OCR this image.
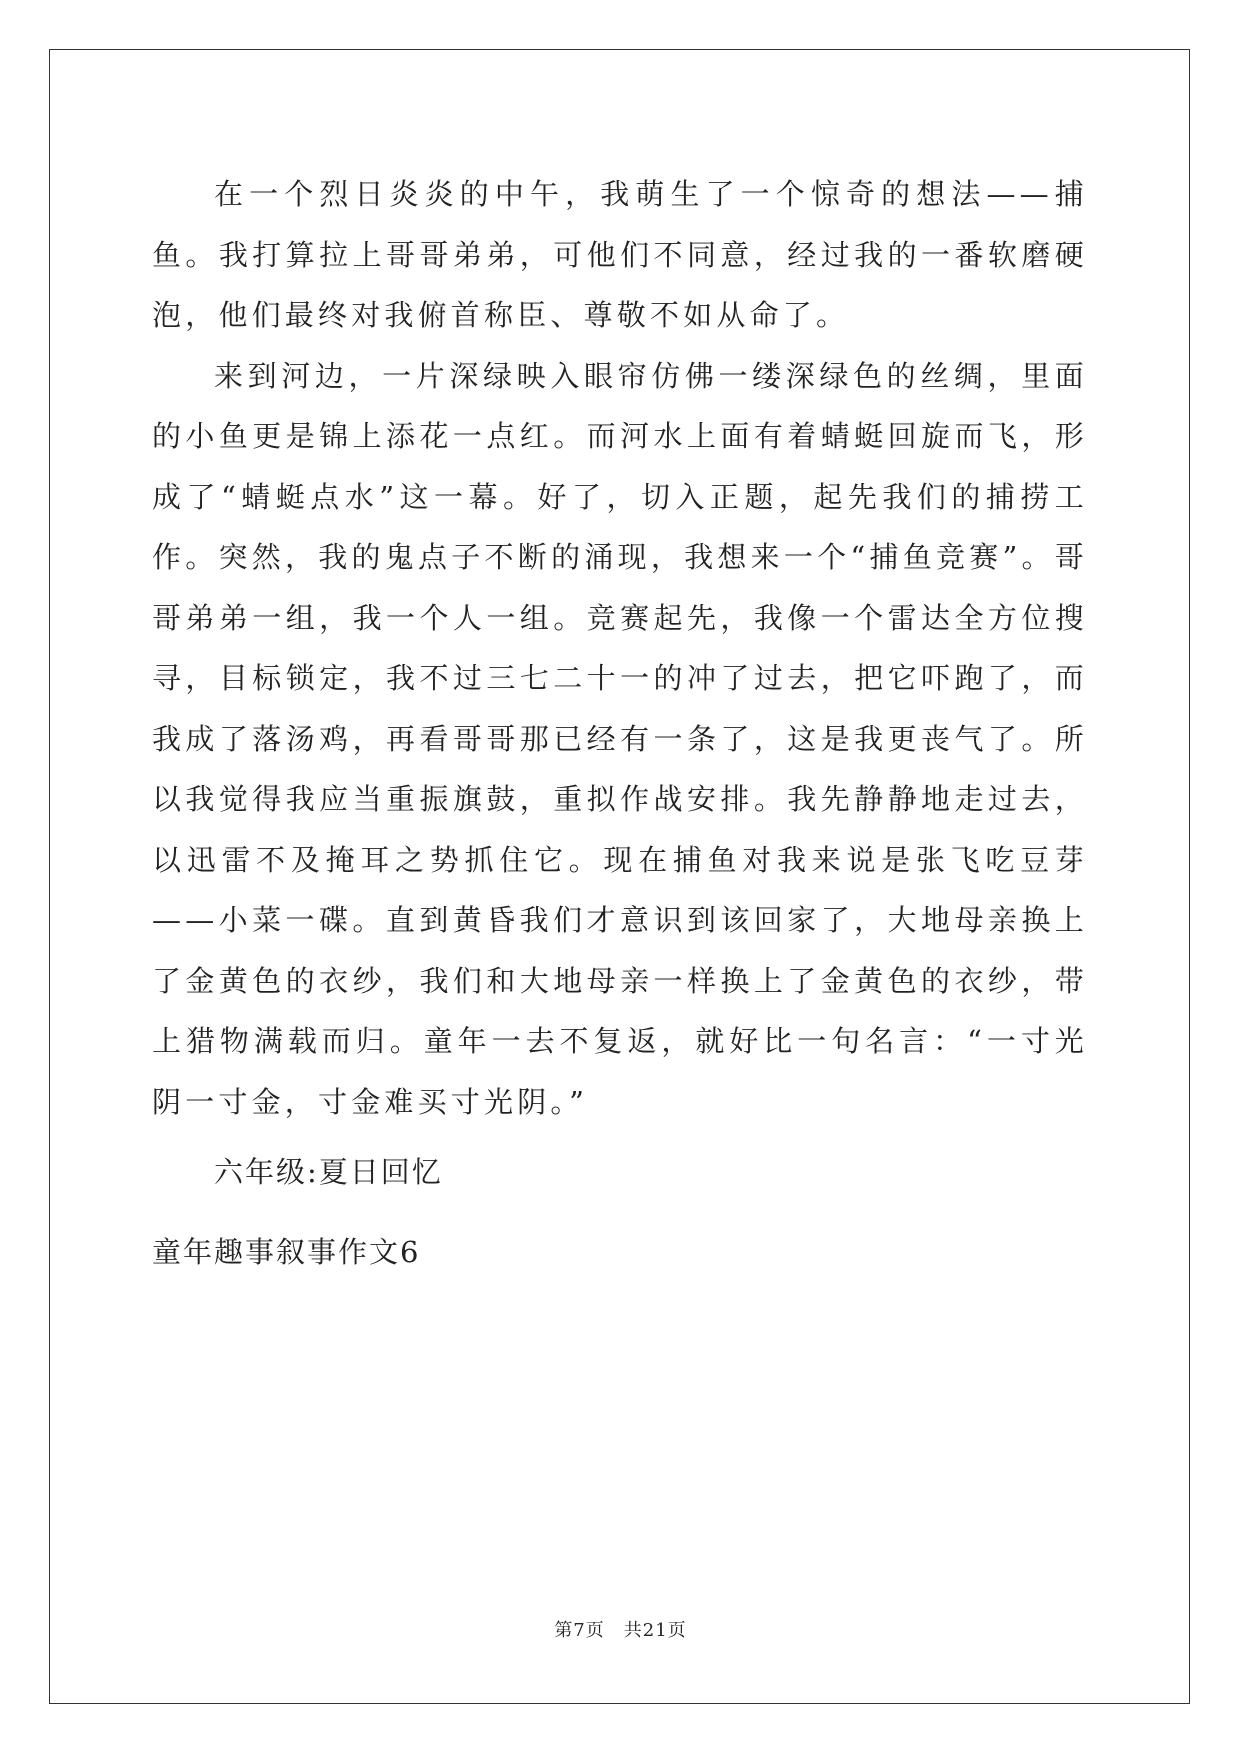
在一个烈日炎炎的中午，我萌生了一个惊奇的想法——捕鱼。我打算拉上哥哥弟弟，可他们不同意，经过我的一番软磨硬泡，他们最终对我俯首称臣、尊敬不如从命了。

来到河边，一片深绿映入眼帘仿佛一缕深绿色的丝绸，里面的小鱼更是锦上添花一点红。而河水上面有着蜻蜓回旋而飞，形成了“蜻蜓点水”这一幕。好了，切入正题，起先我们的捕捞工作。突然，我的鬼点子不断的涌现，我想来一个“捕鱼竞赛”。哥哥弟弟一组，我一个人一组。竞赛起先，我像一个雷达全方位搜寻，目标锁定，我不过三七二十一的冲了过去，把它吓跑了，而我成了落汤鸡，再看哥哥那已经有一条了，这是我更丧气了。所以我觉得我应当重振旗鼓，重拟作战安排。我先静静地走过去，以迅雷不及掩耳之势抓住它。现在捕鱼对我来说是张飞吃豆芽——小菜一碟。直到黄昏我们才意识到该回家了，大地母亲换上了金黄色的衣纱，我们和大地母亲一样换上了金黄色的衣纱，带上猎物满载而归。童年一去不复返，就好比一句名言：“一寸光阴一寸金，寸金难买寸光阴。”

六年级:夏日回忆

童年趣事叙事作文6

第7页　共21页
